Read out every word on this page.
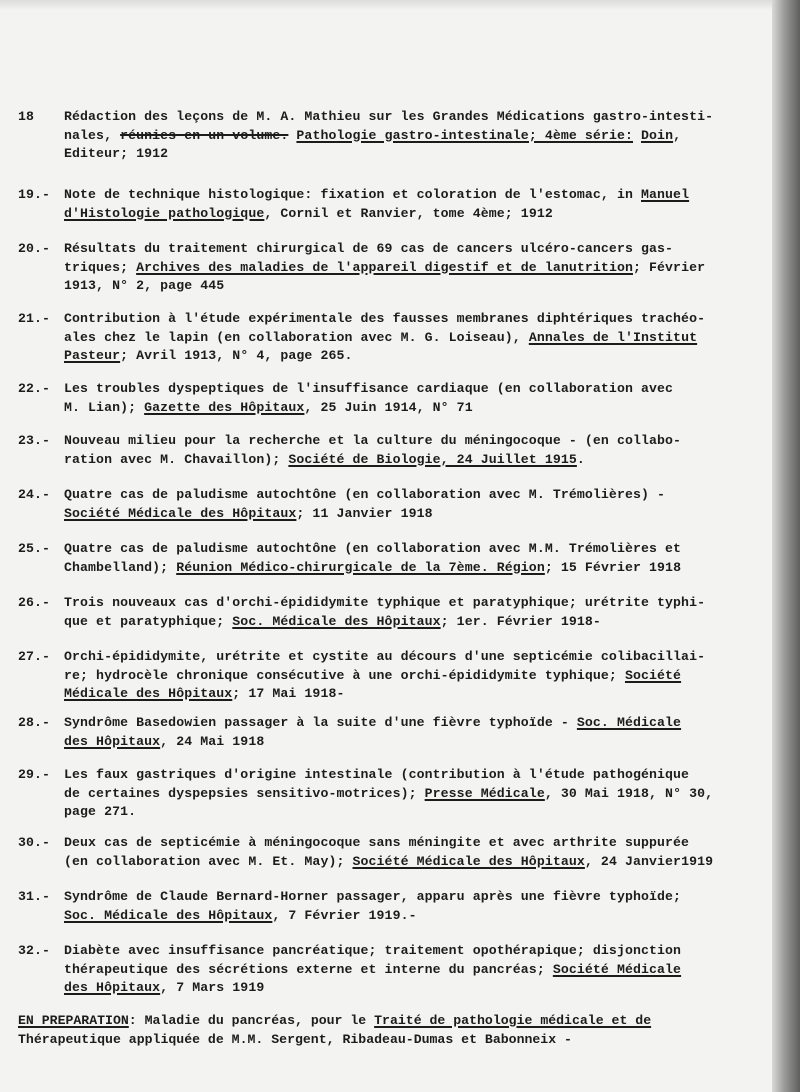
18	Rédaction des leçons de M. A. Mathieu sur les Grandes Médications gastro-intesti-
nales, réunies en un volume. Pathologie gastro-intestinale; 4ème série: Doin,
Editeur; 1912
19.-	Note de technique histologique: fixation et coloration de l'estomac, in Manuel
d'Histologie pathologique, Cornil et Ranvier, tome 4ème; 1912
20.-	Résultats du traitement chirurgical de 69 cas de cancers ulcéro-cancers gas-
triques; Archives des maladies de l'appareil digestif et de lanutrition; Février
1913, N° 2, page 445
21.-	Contribution à l'étude expérimentale des fausses membranes diphtériques trachéo-
ales chez le lapin (en collaboration avec M. G. Loiseau), Annales de l'Institut
Pasteur; Avril 1913, N° 4, page 265.
22.-	Les troubles dyspeptiques de l'insuffisance cardiaque (en collaboration avec
M. Lian); Gazette des Hôpitaux, 25 Juin 1914, N° 71
23.-	Nouveau milieu pour la recherche et la culture du méningocoque - (en collabo-
ration avec M. Chavaillon); Société de Biologie, 24 Juillet 1915.
24.-	Quatre cas de paludisme autochtône (en collaboration avec M. Trémolières) -
Société Médicale des Hôpitaux; 11 Janvier 1918
25.-	Quatre cas de paludisme autochtône (en collaboration avec M.M. Trémolières et
Chambelland); Réunion Médico-chirurgicale de la 7ème. Région; 15 Février 1918
26.-	Trois nouveaux cas d'orchi-épididymite typhique et paratyphique; urétrite typhi-
que et paratyphique; Soc. Médicale des Hôpitaux; 1er. Février 1918-
27.-	Orchi-épididymite, urétrite et cystite au décours d'une septicémie colibacillai-
re; hydrocèle chronique consécutive à une orchi-épididymite typhique; Société
Médicale des Hôpitaux; 17 Mai 1918-
28.-	Syndrôme Basedowien passager à la suite d'une fièvre typhoïde - Soc. Médicale
des Hôpitaux, 24 Mai 1918
29.-	Les faux gastriques d'origine intestinale (contribution à l'étude pathogénique
de certaines dyspepsies sensitivo-motrices); Presse Médicale, 30 Mai 1918, N° 30,
page 271.
30.-	Deux cas de septicémie à méningocoque sans méningite et avec arthrite suppurée
(en collaboration avec M. Et. May); Société Médicale des Hôpitaux, 24 Janvier1919
31.-	Syndrôme de Claude Bernard-Horner passager, apparu après une fièvre typhoïde;
Soc. Médicale des Hôpitaux, 7 Février 1919.-
32.-	Diabète avec insuffisance pancréatique; traitement opothérapique; disjonction
thérapeutique des sécrétions externe et interne du pancréas; Société Médicale
des Hôpitaux, 7 Mars 1919
EN PREPARATION: Maladie du pancréas, pour le Traité de pathologie médicale et de
Thérapeutique appliquée de M.M. Sergent, Ribadeau-Dumas et Babonneix -
